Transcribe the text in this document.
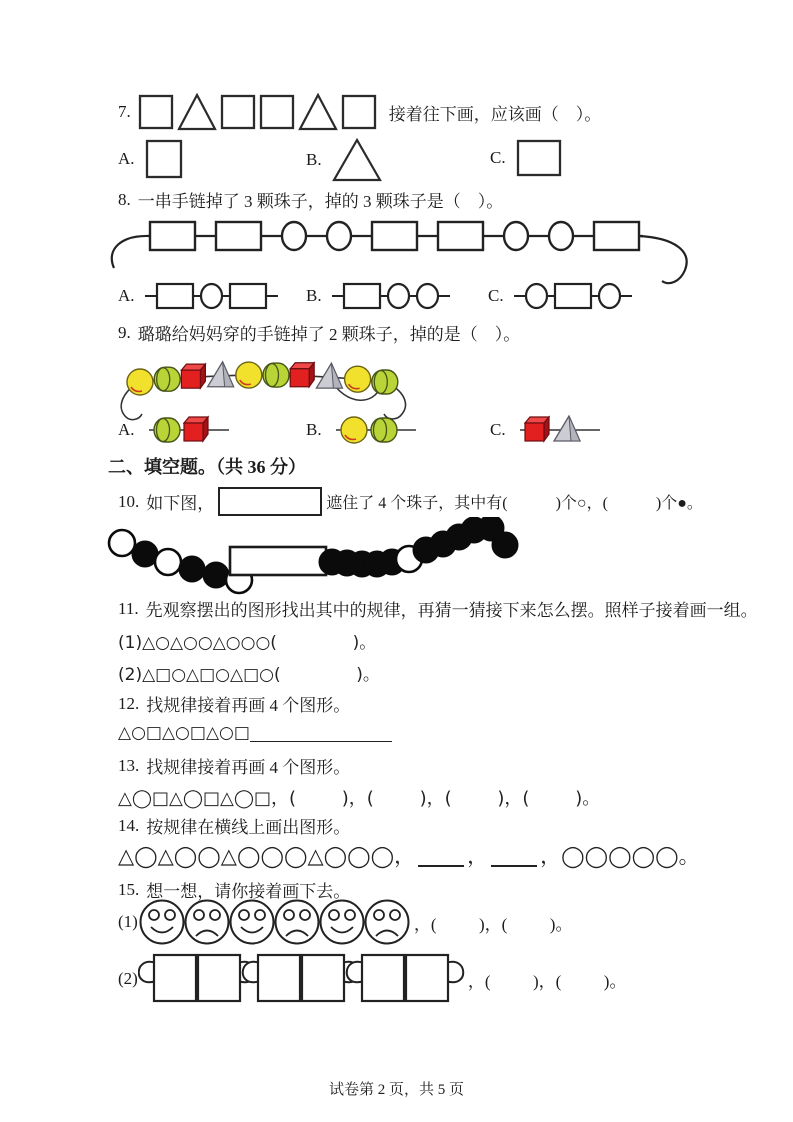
7.	接着往下画，应该画（    ）。
A.	B.	C.
8. 一串手链掉了 3 颗珠子，掉的 3 颗珠子是（    ）。
A.	B.	C.
9. 璐璐给妈妈穿的手链掉了 2 颗珠子，掉的是（    ）。
A.	B.	C.
二、填空题。（共 36 分）
10. 如下图，	遮住了 4 个珠子，其中有(            )个○，(            )个●。
11. 先观察摆出的图形找出其中的规律，再猜一猜接下来怎么摆。照样子接着画一组。
(1)△○△○○△○○○(              )。
(2)△□○△□○△□○(              )。
12. 找规律接着再画 4 个图形。
△○□△○□△○□
13. 找规律接着再画 4 个图形。
△◯□△◯□△◯□，(        )，(        )，(        )，(        )。
14. 按规律在横线上画出图形。
△◯△◯◯△◯◯◯△◯◯◯， ， ， ◯◯◯◯◯。
15. 想一想，请你接着画下去。
(1)	，(          )，(          )。
(2)	，(          )，(          )。
试卷第 2 页，共 5 页
